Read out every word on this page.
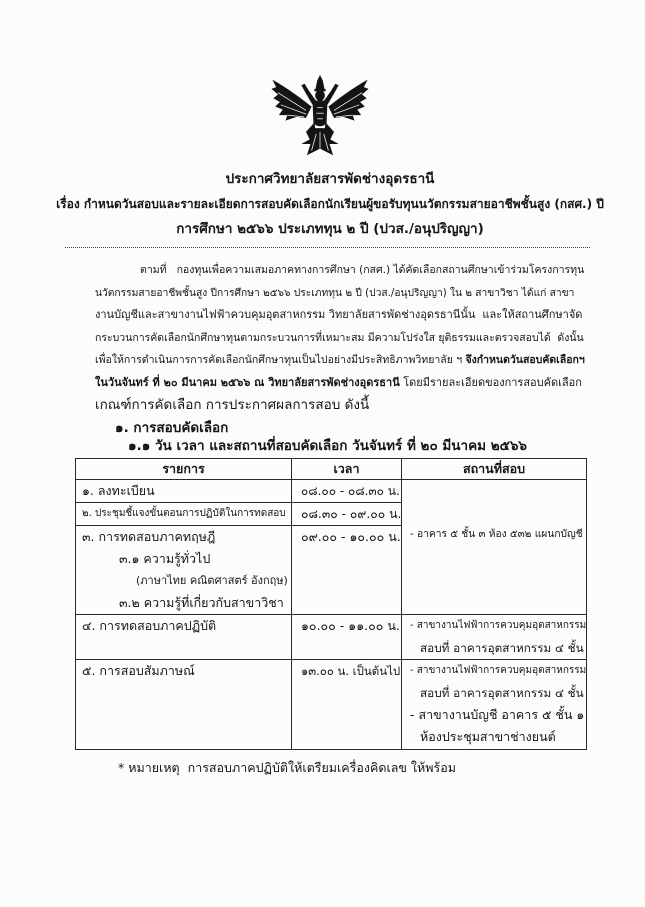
ประกาศวิทยาลัยสารพัดช่างอุดรธานี
เรื่อง กำหนดวันสอบและรายละเอียดการสอบคัดเลือกนักเรียนผู้ขอรับทุนนวัตกรรมสายอาชีพชั้นสูง (กสศ.) ปี
การศึกษา ๒๕๖๖ ประเภททุน ๒ ปี (ปวส./อนุปริญญา)
ตามที่   กองทุนเพื่อความเสมอภาคทางการศึกษา (กสศ.) ได้คัดเลือกสถานศึกษาเข้าร่วมโครงการทุน
นวัตกรรมสายอาชีพชั้นสูง ปีการศึกษา ๒๕๖๖ ประเภททุน ๒ ปี (ปวส./อนุปริญญา) ใน ๒ สาขาวิชา ได้แก่ สาขา
งานบัญชีและสาขางานไฟฟ้าควบคุมอุตสาหกรรม วิทยาลัยสารพัดช่างอุดรธานีนั้น  และให้สถานศึกษาจัด
กระบวนการคัดเลือกนักศึกษาทุนตามกระบวนการที่เหมาะสม มีความโปร่งใส ยุติธรรมและตรวจสอบได้  ดังนั้น
เพื่อให้การดำเนินการการคัดเลือกนักศึกษาทุนเป็นไปอย่างมีประสิทธิภาพวิทยาลัย ฯ จึงกำหนดวันสอบคัดเลือกฯ
ในวันจันทร์ ที่ ๒๐ มีนาคม ๒๕๖๖ ณ วิทยาลัยสารพัดช่างอุดรธานี โดยมีรายละเอียดของการสอบคัดเลือก
เกณฑ์การคัดเลือก การประกาศผลการสอบ ดังนี้
๑. การสอบคัดเลือก
๑.๑ วัน เวลา และสถานที่สอบคัดเลือก วันจันทร์ ที่ ๒๐ มีนาคม ๒๕๖๖
รายการ	เวลา	สถานที่สอบ

๑. ลงทะเบียน	๐๘.๐๐ - ๐๘.๓๐ น.	- อาคาร ๕ ชั้น ๓ ห้อง ๕๓๒ แผนกบัญชี

๒. ประชุมชี้แจงขั้นตอนการปฏิบัติในการทดสอบ	๐๘.๓๐ - ๐๙.๐๐ น.	

๓. การทดสอบภาคทฤษฎี
๓.๑ ความรู้ทั่วไป
(ภาษาไทย คณิตศาสตร์ อังกฤษ)
๓.๒ ความรู้ที่เกี่ยวกับสาขาวิชา	๐๙.๐๐ - ๑๐.๐๐ น.	

๔. การทดสอบภาคปฏิบัติ	๑๐.๐๐ - ๑๑.๐๐ น.	- สาขางานไฟฟ้าการควบคุมอุตสาหกรรม
สอบที่ อาคารอุตสาหกรรม ๔ ชั้น

๕. การสอบสัมภาษณ์	๑๓.๐๐ น. เป็นต้นไป	- สาขางานไฟฟ้าการควบคุมอุตสาหกรรม
สอบที่ อาคารอุตสาหกรรม ๔ ชั้น
- สาขางานบัญชี อาคาร ๕ ชั้น ๑
ห้องประชุมสาขาช่างยนต์
* หมายเหตุ  การสอบภาคปฏิบัติให้เตรียมเครื่องคิดเลข ให้พร้อม
